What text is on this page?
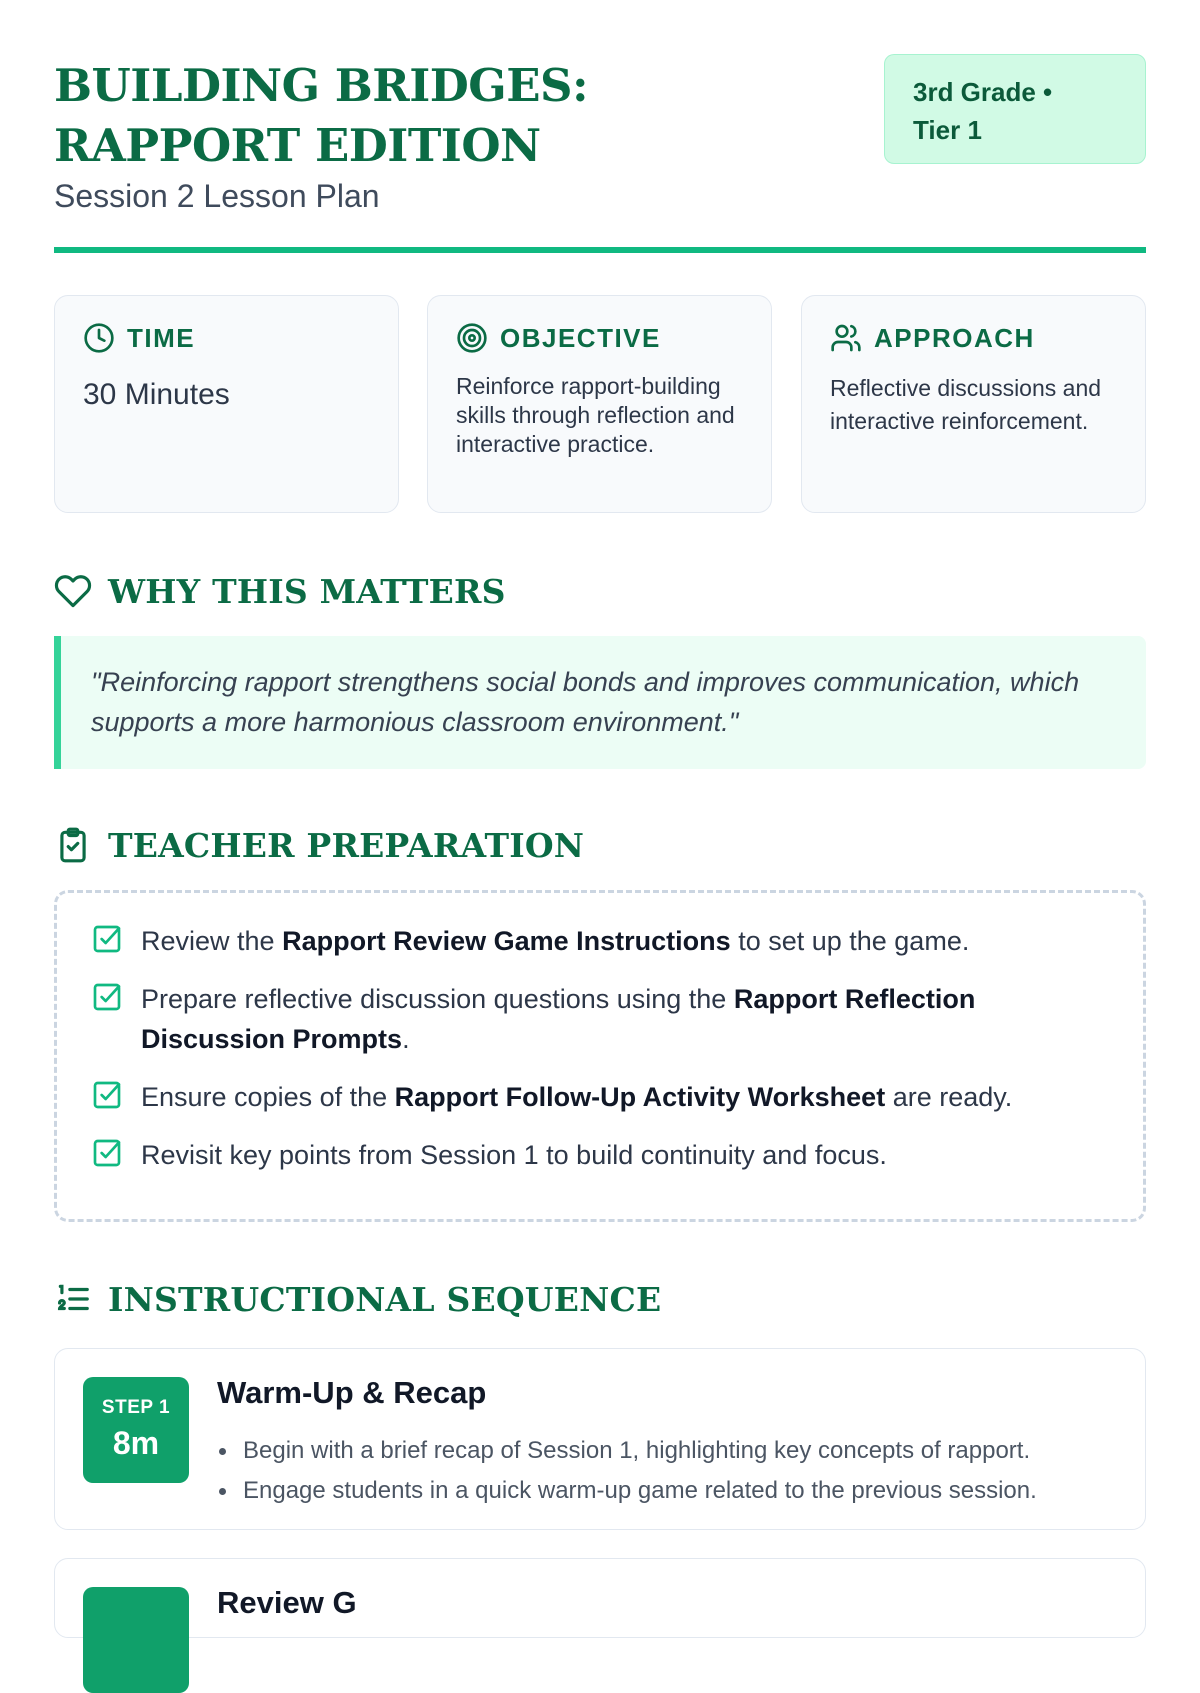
BUILDING BRIDGES: RAPPORT EDITION
Session 2 Lesson Plan
3rd Grade •
Tier 1
TIME
30 Minutes
OBJECTIVE
Reinforce rapport-building skills through reflection and interactive practice.
APPROACH
Reflective discussions and interactive reinforcement.
WHY THIS MATTERS
"Reinforcing rapport strengthens social bonds and improves communication, which supports a more harmonious classroom environment."
TEACHER PREPARATION
Review the Rapport Review Game Instructions to set up the game.
Prepare reflective discussion questions using the Rapport Reflection Discussion Prompts.
Ensure copies of the Rapport Follow-Up Activity Worksheet are ready.
Revisit key points from Session 1 to build continuity and focus.
INSTRUCTIONAL SEQUENCE
STEP 1
8m
Warm-Up & Recap
Begin with a brief recap of Session 1, highlighting key concepts of rapport.
Engage students in a quick warm-up game related to the previous session.
Review G
